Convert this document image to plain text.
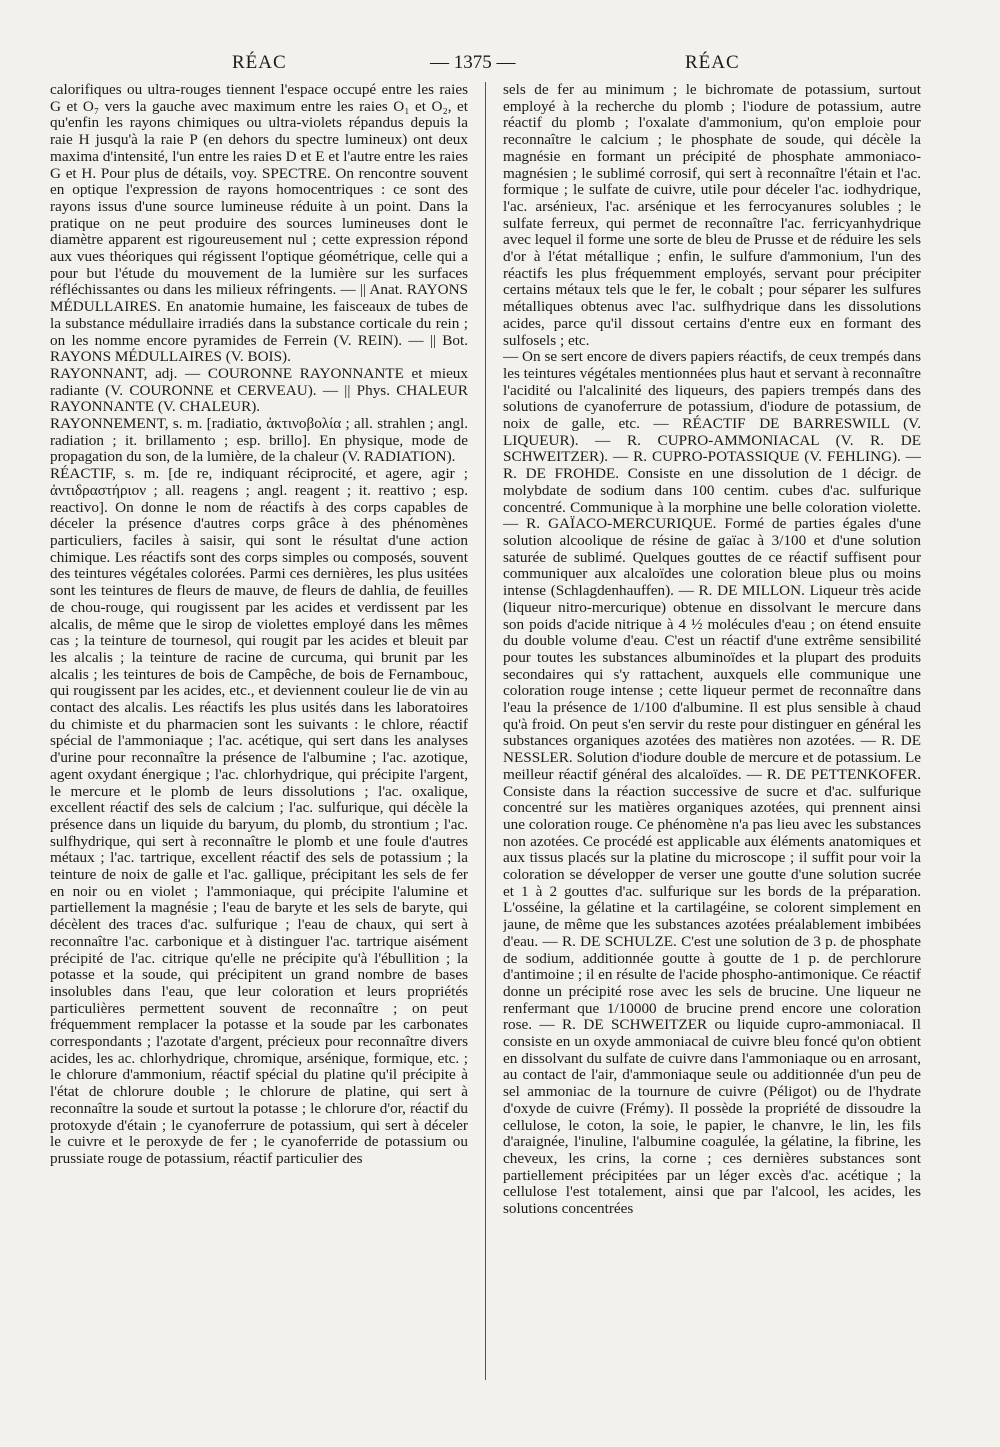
RÉAC	— 1375 —	RÉAC

calorifiques ou ultra-rouges tiennent l'espace occupé entre les raies G et O₇ vers la gauche avec maximum entre les raies O₁ et O₂, et qu'enfin les rayons chimiques ou ultra-violets répandus depuis la raie H jusqu'à la raie P (en dehors du spectre lumineux) ont deux maxima d'intensité, l'un entre les raies D et E et l'autre entre les raies G et H. Pour plus de détails, voy. SPECTRE. On rencontre souvent en optique l'expression de rayons homocentriques : ce sont des rayons issus d'une source lumineuse réduite à un point. Dans la pratique on ne peut produire des sources lumineuses dont le diamètre apparent est rigoureusement nul ; cette expression répond aux vues théoriques qui régissent l'optique géométrique, celle qui a pour but l'étude du mouvement de la lumière sur les surfaces réfléchissantes ou dans les milieux réfringents. — || Anat. RAYONS MÉDULLAIRES. En anatomie humaine, les faisceaux de tubes de la substance médullaire irradiés dans la substance corticale du rein ; on les nomme encore pyramides de Ferrein (V. REIN). — || Bot. RAYONS MÉDULLAIRES (V. BOIS).

RAYONNANT, adj. — COURONNE RAYONNANTE et mieux radiante (V. COURONNE et CERVEAU). — || Phys. CHALEUR RAYONNANTE (V. CHALEUR).

RAYONNEMENT, s. m. [radiatio, ἀκτινοβολία ; all. strahlen ; angl. radiation ; it. brillamento ; esp. brillo]. En physique, mode de propagation du son, de la lumière, de la chaleur (V. RADIATION).

RÉACTIF, s. m. [de re, indiquant réciprocité, et agere, agir ; ἀντιδραστήριον ; all. reagens ; angl. reagent ; it. reattivo ; esp. reactivo]. On donne le nom de réactifs à des corps capables de déceler la présence d'autres corps grâce à des phénomènes particuliers, faciles à saisir, qui sont le résultat d'une action chimique. Les réactifs sont des corps simples ou composés, souvent des teintures végétales colorées. Parmi ces dernières, les plus usitées sont les teintures de fleurs de mauve, de fleurs de dahlia, de feuilles de chou-rouge, qui rougissent par les acides et verdissent par les alcalis, de même que le sirop de violettes employé dans les mêmes cas ; la teinture de tournesol, qui rougit par les acides et bleuit par les alcalis ; la teinture de racine de curcuma, qui brunit par les alcalis ; les teintures de bois de Campêche, de bois de Fernambouc, qui rougissent par les acides, etc., et deviennent couleur lie de vin au contact des alcalis. Les réactifs les plus usités dans les laboratoires du chimiste et du pharmacien sont les suivants : le chlore, réactif spécial de l'ammoniaque ; l'ac. acétique, qui sert dans les analyses d'urine pour reconnaître la présence de l'albumine ; l'ac. azotique, agent oxydant énergique ; l'ac. chlorhydrique, qui précipite l'argent, le mercure et le plomb de leurs dissolutions ; l'ac. oxalique, excellent réactif des sels de calcium ; l'ac. sulfurique, qui décèle la présence dans un liquide du baryum, du plomb, du strontium ; l'ac. sulfhydrique, qui sert à reconnaître le plomb et une foule d'autres métaux ; l'ac. tartrique, excellent réactif des sels de potassium ; la teinture de noix de galle et l'ac. gallique, précipitant les sels de fer en noir ou en violet ; l'ammoniaque, qui précipite l'alumine et partiellement la magnésie ; l'eau de baryte et les sels de baryte, qui décèlent des traces d'ac. sulfurique ; l'eau de chaux, qui sert à reconnaître l'ac. carbonique et à distinguer l'ac. tartrique aisément précipité de l'ac. citrique qu'elle ne précipite qu'à l'ébullition ; la potasse et la soude, qui précipitent un grand nombre de bases insolubles dans l'eau, que leur coloration et leurs propriétés particulières permettent souvent de reconnaître ; on peut fréquemment remplacer la potasse et la soude par les carbonates correspondants ; l'azotate d'argent, précieux pour reconnaître divers acides, les ac. chlorhydrique, chromique, arsénique, formique, etc. ; le chlorure d'ammonium, réactif spécial du platine qu'il précipite à l'état de chlorure double ; le chlorure de platine, qui sert à reconnaître la soude et surtout la potasse ; le chlorure d'or, réactif du protoxyde d'étain ; le cyanoferrure de potassium, qui sert à déceler le cuivre et le peroxyde de fer ; le cyanoferride de potassium ou prussiate rouge de potassium, réactif particulier des

sels de fer au minimum ; le bichromate de potassium, surtout employé à la recherche du plomb ; l'iodure de potassium, autre réactif du plomb ; l'oxalate d'ammonium, qu'on emploie pour reconnaître le calcium ; le phosphate de soude, qui décèle la magnésie en formant un précipité de phosphate ammoniaco-magnésien ; le sublimé corrosif, qui sert à reconnaître l'étain et l'ac. formique ; le sulfate de cuivre, utile pour déceler l'ac. iodhydrique, l'ac. arsénieux, l'ac. arsénique et les ferrocyanures solubles ; le sulfate ferreux, qui permet de reconnaître l'ac. ferricyanhydrique avec lequel il forme une sorte de bleu de Prusse et de réduire les sels d'or à l'état métallique ; enfin, le sulfure d'ammonium, l'un des réactifs les plus fréquemment employés, servant pour précipiter certains métaux tels que le fer, le cobalt ; pour séparer les sulfures métalliques obtenus avec l'ac. sulfhydrique dans les dissolutions acides, parce qu'il dissout certains d'entre eux en formant des sulfosels ; etc.

— On se sert encore de divers papiers réactifs, de ceux trempés dans les teintures végétales mentionnées plus haut et servant à reconnaître l'acidité ou l'alcalinité des liqueurs, des papiers trempés dans des solutions de cyanoferrure de potassium, d'iodure de potassium, de noix de galle, etc. — RÉACTIF DE BARRESWILL (V. LIQUEUR). — R. CUPRO-AMMONIACAL (V. R. DE SCHWEITZER). — R. CUPRO-POTASSIQUE (V. FEHLING). — R. DE FROHDE. Consiste en une dissolution de 1 décigr. de molybdate de sodium dans 100 centim. cubes d'ac. sulfurique concentré. Communique à la morphine une belle coloration violette. — R. GAÏACO-MERCURIQUE. Formé de parties égales d'une solution alcoolique de résine de gaïac à 3/100 et d'une solution saturée de sublimé. Quelques gouttes de ce réactif suffisent pour communiquer aux alcaloïdes une coloration bleue plus ou moins intense (Schlagdenhauffen). — R. DE MILLON. Liqueur très acide (liqueur nitro-mercurique) obtenue en dissolvant le mercure dans son poids d'acide nitrique à 4 ½ molécules d'eau ; on étend ensuite du double volume d'eau. C'est un réactif d'une extrême sensibilité pour toutes les substances albuminoïdes et la plupart des produits secondaires qui s'y rattachent, auxquels elle communique une coloration rouge intense ; cette liqueur permet de reconnaître dans l'eau la présence de 1/100 d'albumine. Il est plus sensible à chaud qu'à froid. On peut s'en servir du reste pour distinguer en général les substances organiques azotées des matières non azotées. — R. DE NESSLER. Solution d'iodure double de mercure et de potassium. Le meilleur réactif général des alcaloïdes. — R. DE PETTENKOFER. Consiste dans la réaction successive de sucre et d'ac. sulfurique concentré sur les matières organiques azotées, qui prennent ainsi une coloration rouge. Ce phénomène n'a pas lieu avec les substances non azotées. Ce procédé est applicable aux éléments anatomiques et aux tissus placés sur la platine du microscope ; il suffit pour voir la coloration se développer de verser une goutte d'une solution sucrée et 1 à 2 gouttes d'ac. sulfurique sur les bords de la préparation. L'osséine, la gélatine et la cartilagéine, se colorent simplement en jaune, de même que les substances azotées préalablement imbibées d'eau. — R. DE SCHULZE. C'est une solution de 3 p. de phosphate de sodium, additionnée goutte à goutte de 1 p. de perchlorure d'antimoine ; il en résulte de l'acide phospho-antimonique. Ce réactif donne un précipité rose avec les sels de brucine. Une liqueur ne renfermant que 1/10000 de brucine prend encore une coloration rose. — R. DE SCHWEITZER ou liquide cupro-ammoniacal. Il consiste en un oxyde ammoniacal de cuivre bleu foncé qu'on obtient en dissolvant du sulfate de cuivre dans l'ammoniaque ou en arrosant, au contact de l'air, d'ammoniaque seule ou additionnée d'un peu de sel ammoniac de la tournure de cuivre (Péligot) ou de l'hydrate d'oxyde de cuivre (Frémy). Il possède la propriété de dissoudre la cellulose, le coton, la soie, le papier, le chanvre, le lin, les fils d'araignée, l'inuline, l'albumine coagulée, la gélatine, la fibrine, les cheveux, les crins, la corne ; ces dernières substances sont partiellement précipitées par un léger excès d'ac. acétique ; la cellulose l'est totalement, ainsi que par l'alcool, les acides, les solutions concentrées
